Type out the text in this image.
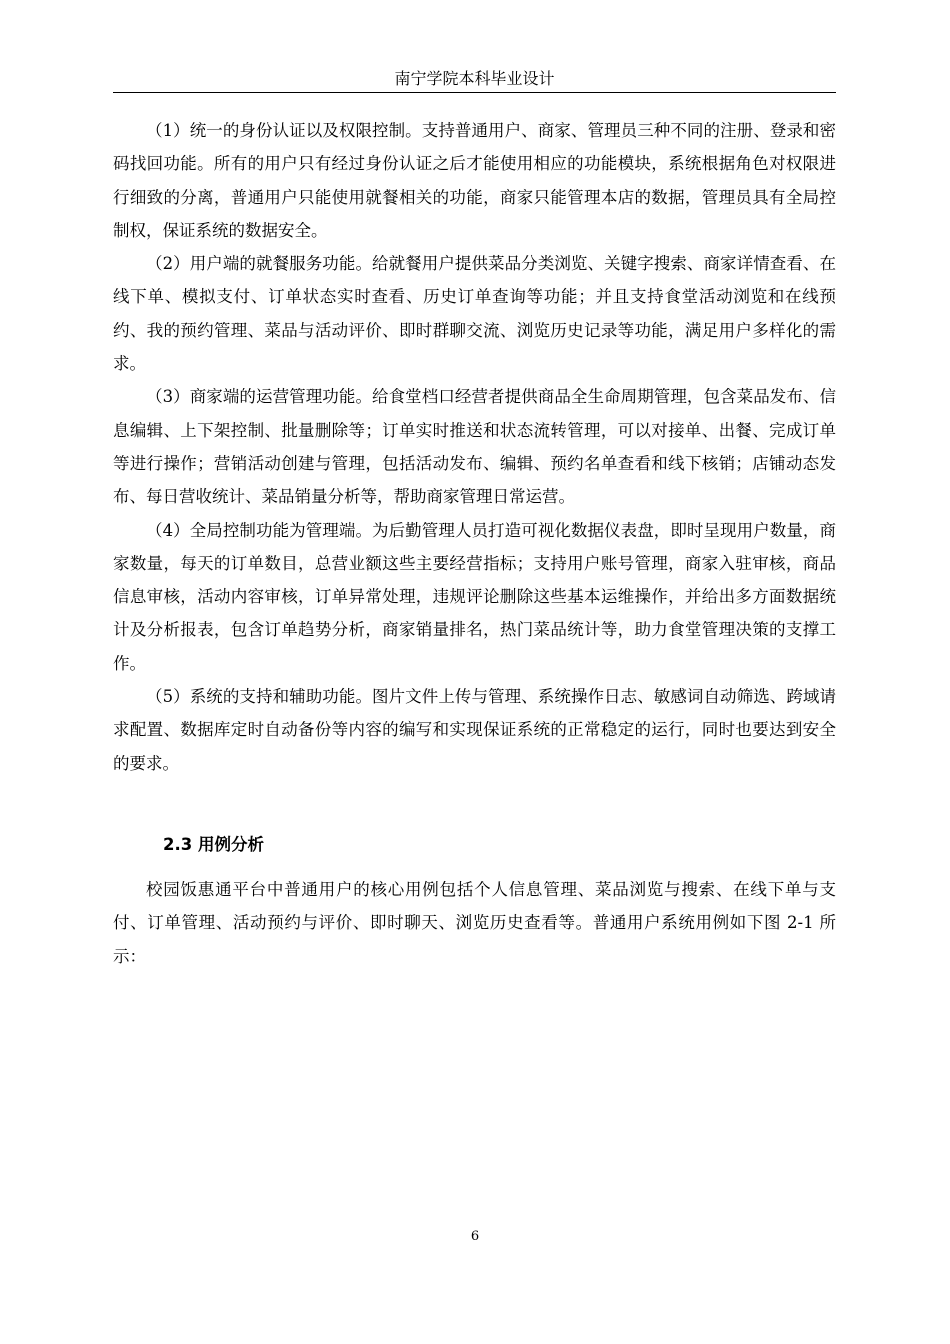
南宁学院本科毕业设计

（1）统一的身份认证以及权限控制。支持普通用户、商家、管理员三种不同的注册、登录和密码找回功能。所有的用户只有经过身份认证之后才能使用相应的功能模块，系统根据角色对权限进行细致的分离，普通用户只能使用就餐相关的功能，商家只能管理本店的数据，管理员具有全局控制权，保证系统的数据安全。

（2）用户端的就餐服务功能。给就餐用户提供菜品分类浏览、关键字搜索、商家详情查看、在线下单、模拟支付、订单状态实时查看、历史订单查询等功能；并且支持食堂活动浏览和在线预约、我的预约管理、菜品与活动评价、即时群聊交流、浏览历史记录等功能，满足用户多样化的需求。

（3）商家端的运营管理功能。给食堂档口经营者提供商品全生命周期管理，包含菜品发布、信息编辑、上下架控制、批量删除等；订单实时推送和状态流转管理，可以对接单、出餐、完成订单等进行操作；营销活动创建与管理，包括活动发布、编辑、预约名单查看和线下核销；店铺动态发布、每日营收统计、菜品销量分析等，帮助商家管理日常运营。

（4）全局控制功能为管理端。为后勤管理人员打造可视化数据仪表盘，即时呈现用户数量，商家数量，每天的订单数目，总营业额这些主要经营指标；支持用户账号管理，商家入驻审核，商品信息审核，活动内容审核，订单异常处理，违规评论删除这些基本运维操作，并给出多方面数据统计及分析报表，包含订单趋势分析，商家销量排名，热门菜品统计等，助力食堂管理决策的支撑工作。

（5）系统的支持和辅助功能。图片文件上传与管理、系统操作日志、敏感词自动筛选、跨域请求配置、数据库定时自动备份等内容的编写和实现保证系统的正常稳定的运行，同时也要达到安全的要求。

2.3 用例分析

校园饭惠通平台中普通用户的核心用例包括个人信息管理、菜品浏览与搜索、在线下单与支付、订单管理、活动预约与评价、即时聊天、浏览历史查看等。普通用户系统用例如下图 2-1 所示：

6
